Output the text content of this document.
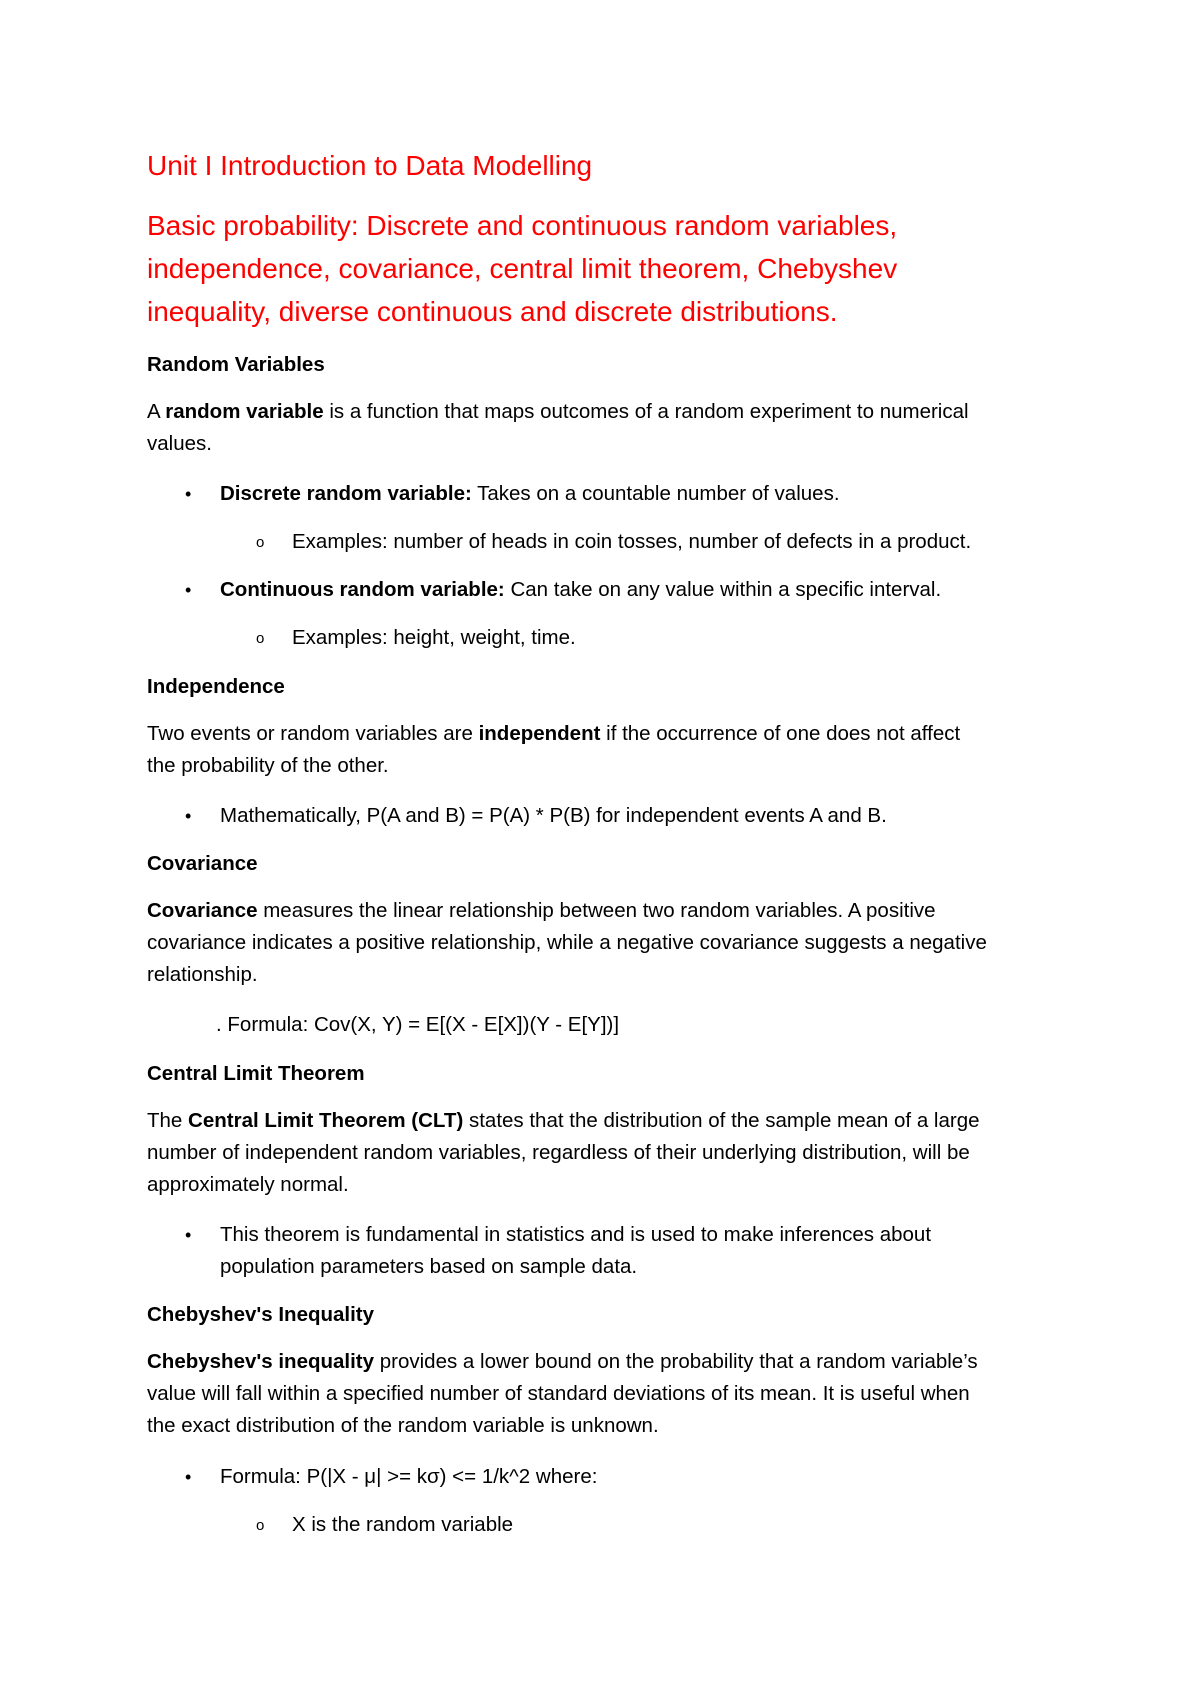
Unit I Introduction to Data Modelling
Basic probability: Discrete and continuous random variables,
independence, covariance, central limit theorem, Chebyshev
inequality, diverse continuous and discrete distributions.
Random Variables
A random variable is a function that maps outcomes of a random experiment to numerical
values.
• Discrete random variable: Takes on a countable number of values.
o Examples: number of heads in coin tosses, number of defects in a product.
• Continuous random variable: Can take on any value within a specific interval.
o Examples: height, weight, time.
Independence
Two events or random variables are independent if the occurrence of one does not affect
the probability of the other.
• Mathematically, P(A and B) = P(A) * P(B) for independent events A and B.
Covariance
Covariance measures the linear relationship between two random variables. A positive
covariance indicates a positive relationship, while a negative covariance suggests a negative
relationship.
. Formula: Cov(X, Y) = E[(X - E[X])(Y - E[Y])]
Central Limit Theorem
The Central Limit Theorem (CLT) states that the distribution of the sample mean of a large
number of independent random variables, regardless of their underlying distribution, will be
approximately normal.
• This theorem is fundamental in statistics and is used to make inferences about
population parameters based on sample data.
Chebyshev's Inequality
Chebyshev's inequality provides a lower bound on the probability that a random variable’s
value will fall within a specified number of standard deviations of its mean. It is useful when
the exact distribution of the random variable is unknown.
• Formula: P(|X - μ| >= kσ) <= 1/k^2 where:
o X is the random variable
